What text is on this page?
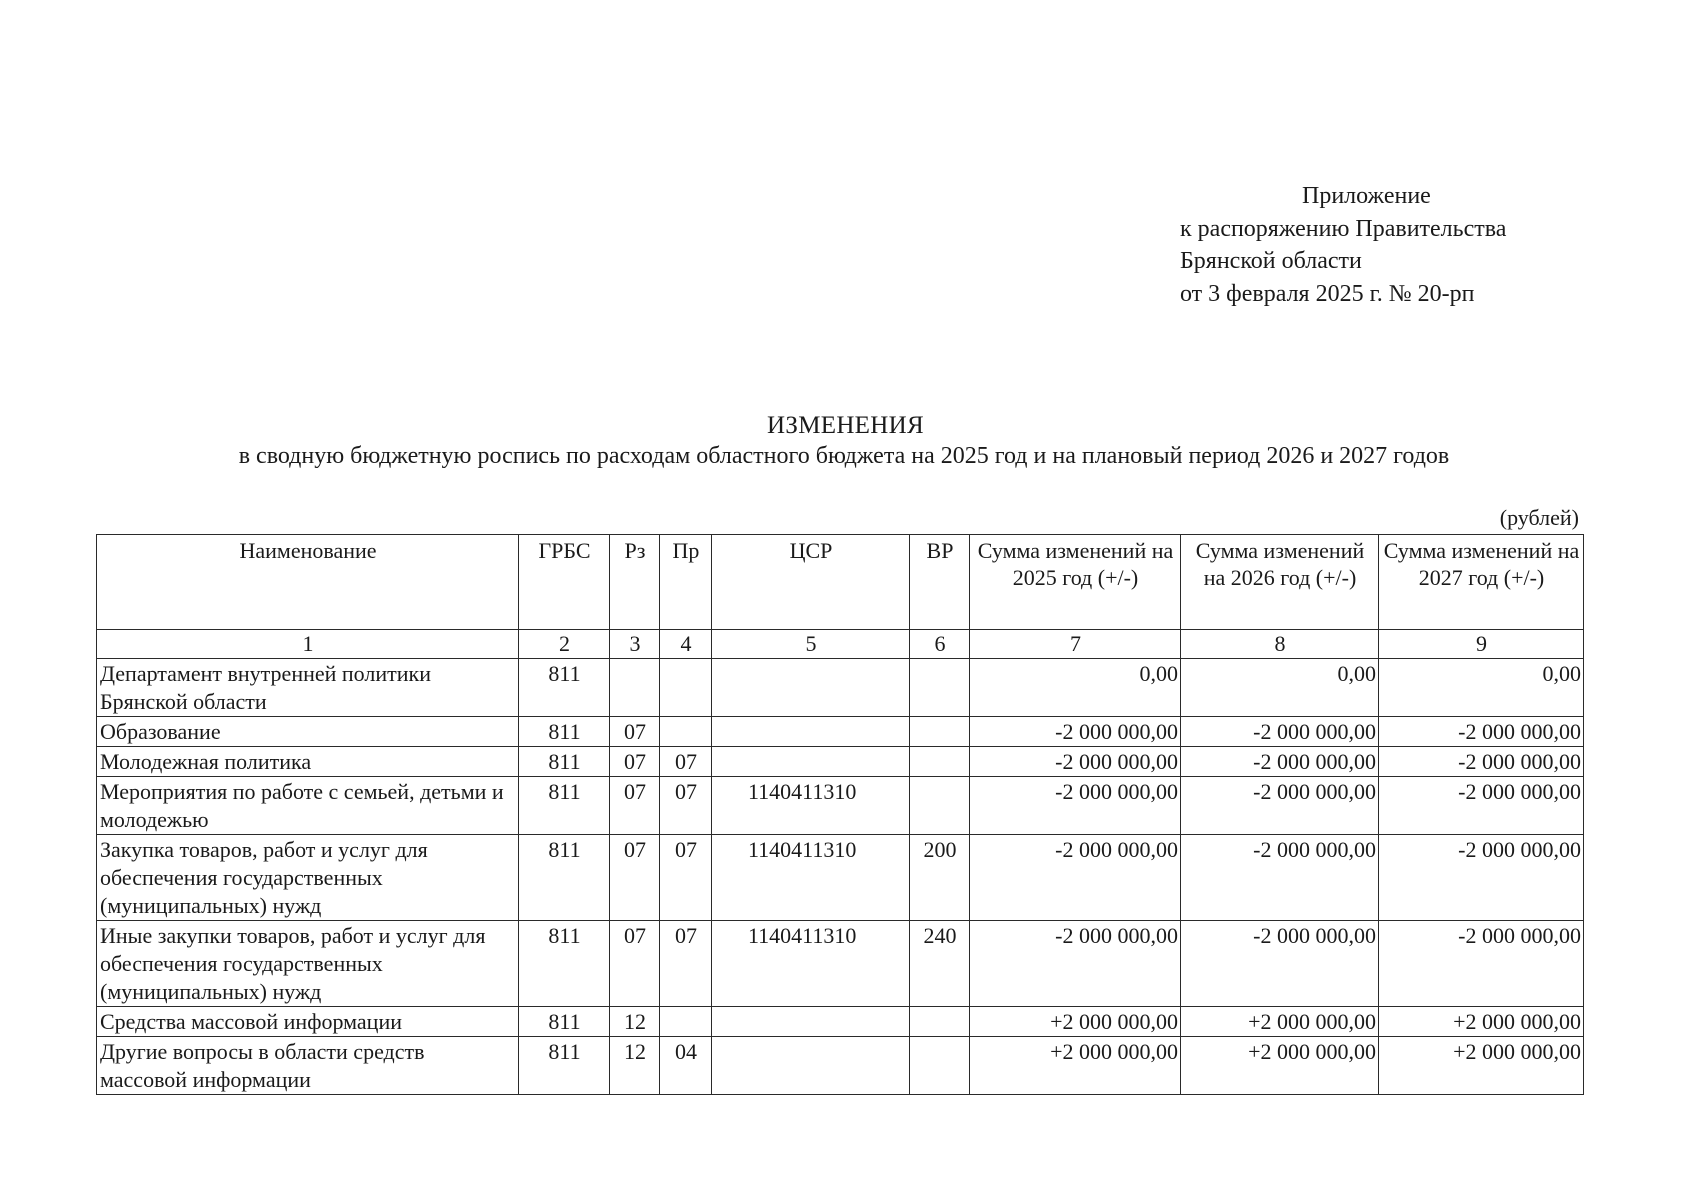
Приложение
к распоряжению Правительства
Брянской области
от 3 февраля 2025 г. № 20-рп
ИЗМЕНЕНИЯ
в сводную бюджетную роспись по расходам областного бюджета на 2025 год и на плановый период 2026 и 2027 годов
(рублей)
Наименование	ГРБС	Рз	Пр	ЦСР	ВР	Сумма изменений на 2025 год (+/-)	Сумма изменений на 2026 год (+/-)	Сумма изменений на 2027 год (+/-)
1	2	3	4	5	6	7	8	9
Департамент внутренней политики Брянской области	811					0,00	0,00	0,00
Образование	811	07				-2 000 000,00	-2 000 000,00	-2 000 000,00
Молодежная политика	811	07	07			-2 000 000,00	-2 000 000,00	-2 000 000,00
Мероприятия по работе с семьей, детьми и молодежью	811	07	07	1140411310		-2 000 000,00	-2 000 000,00	-2 000 000,00
Закупка товаров, работ и услуг для обеспечения государственных (муниципальных) нужд	811	07	07	1140411310	200	-2 000 000,00	-2 000 000,00	-2 000 000,00
Иные закупки товаров, работ и услуг для обеспечения государственных (муниципальных) нужд	811	07	07	1140411310	240	-2 000 000,00	-2 000 000,00	-2 000 000,00
Средства массовой информации	811	12				+2 000 000,00	+2 000 000,00	+2 000 000,00
Другие вопросы в области средств массовой информации	811	12	04			+2 000 000,00	+2 000 000,00	+2 000 000,00
